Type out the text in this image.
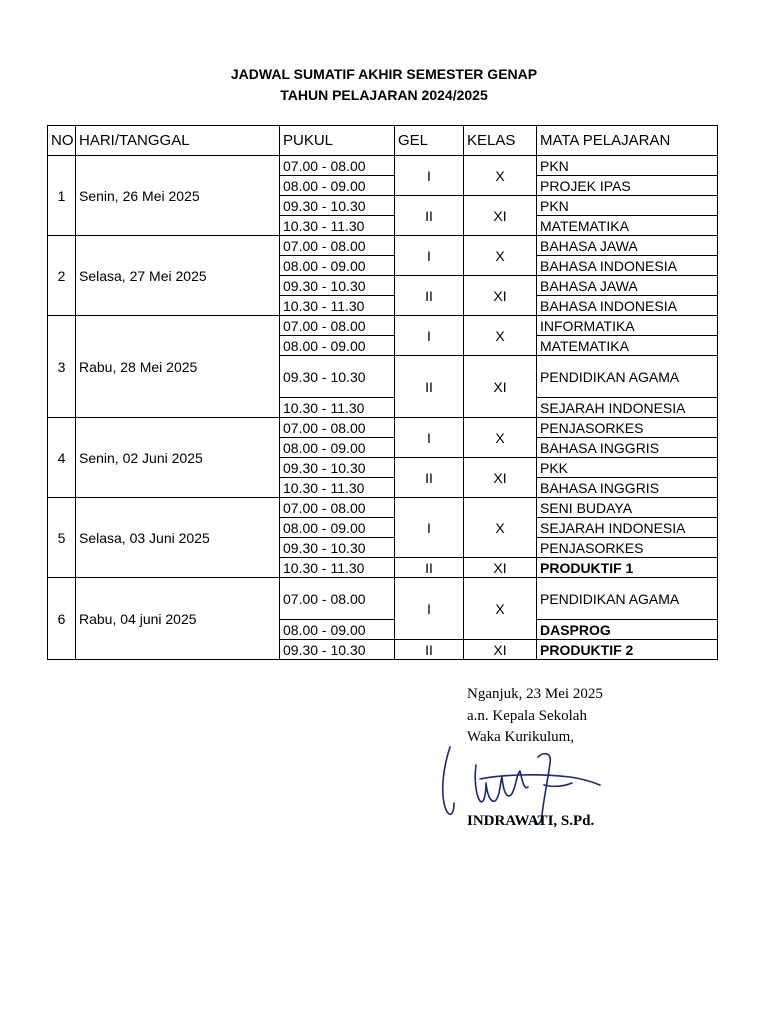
JADWAL SUMATIF AKHIR SEMESTER GENAP
TAHUN PELAJARAN 2024/2025
NO	HARI/TANGGAL	PUKUL	GEL	KELAS	MATA PELAJARAN
1	Senin, 26 Mei 2025	07.00 - 08.00	I	X	PKN
		08.00 - 09.00			PROJEK IPAS
		09.30 - 10.30	II	XI	PKN
		10.30 - 11.30			MATEMATIKA
2	Selasa, 27 Mei 2025	07.00 - 08.00	I	X	BAHASA JAWA
		08.00 - 09.00			BAHASA INDONESIA
		09.30 - 10.30	II	XI	BAHASA JAWA
		10.30 - 11.30			BAHASA INDONESIA
3	Rabu, 28 Mei 2025	07.00 - 08.00	I	X	INFORMATIKA
		08.00 - 09.00			MATEMATIKA
		09.30 - 10.30	II	XI	PENDIDIKAN AGAMA
		10.30 - 11.30			SEJARAH INDONESIA
4	Senin, 02 Juni 2025	07.00 - 08.00	I	X	PENJASORKES
		08.00 - 09.00			BAHASA INGGRIS
		09.30 - 10.30	II	XI	PKK
		10.30 - 11.30			BAHASA INGGRIS
5	Selasa, 03 Juni 2025	07.00 - 08.00	I	X	SENI BUDAYA
		08.00 - 09.00			SEJARAH INDONESIA
		09.30 - 10.30			PENJASORKES
		10.30 - 11.30	II	XI	PRODUKTIF 1
6	Rabu, 04 juni 2025	07.00 - 08.00	I	X	PENDIDIKAN AGAMA
		08.00 - 09.00			DASPROG
		09.30 - 10.30	II	XI	PRODUKTIF 2
Nganjuk, 23 Mei 2025
a.n. Kepala Sekolah
Waka Kurikulum,
INDRAWATI, S.Pd.
